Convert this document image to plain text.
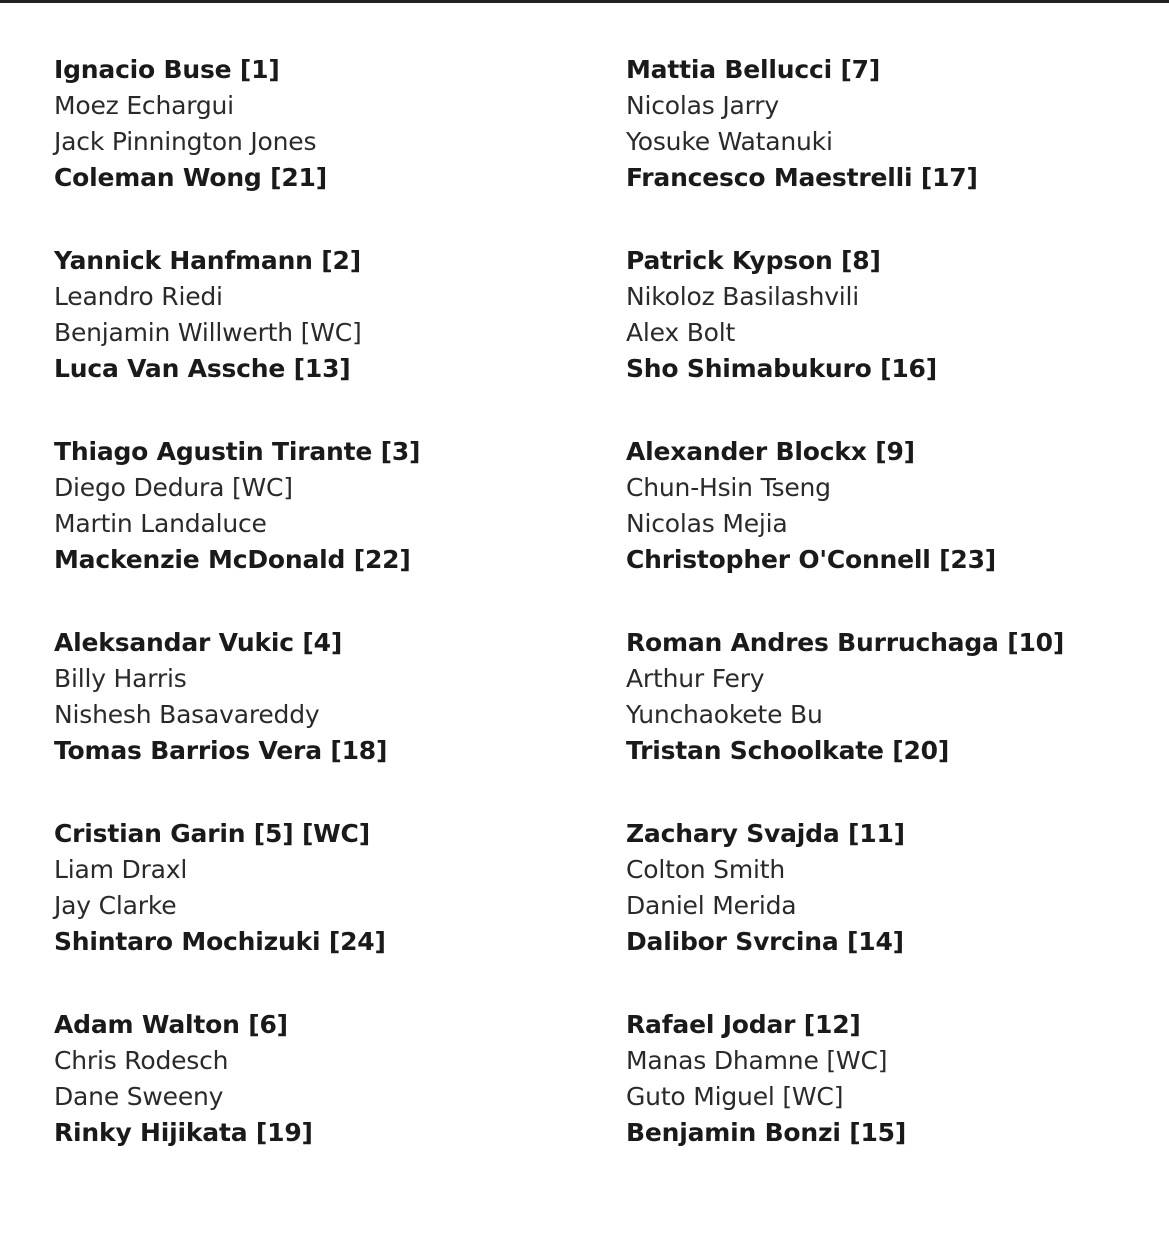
Ignacio Buse [1]
Moez Echargui
Jack Pinnington Jones
Coleman Wong [21]
Yannick Hanfmann [2]
Leandro Riedi
Benjamin Willwerth [WC]
Luca Van Assche [13]
Thiago Agustin Tirante [3]
Diego Dedura [WC]
Martin Landaluce
Mackenzie McDonald [22]
Aleksandar Vukic [4]
Billy Harris
Nishesh Basavareddy
Tomas Barrios Vera [18]
Cristian Garin [5] [WC]
Liam Draxl
Jay Clarke
Shintaro Mochizuki [24]
Adam Walton [6]
Chris Rodesch
Dane Sweeny
Rinky Hijikata [19]
Mattia Bellucci [7]
Nicolas Jarry
Yosuke Watanuki
Francesco Maestrelli [17]
Patrick Kypson [8]
Nikoloz Basilashvili
Alex Bolt
Sho Shimabukuro [16]
Alexander Blockx [9]
Chun-Hsin Tseng
Nicolas Mejia
Christopher O'Connell [23]
Roman Andres Burruchaga [10]
Arthur Fery
Yunchaokete Bu
Tristan Schoolkate [20]
Zachary Svajda [11]
Colton Smith
Daniel Merida
Dalibor Svrcina [14]
Rafael Jodar [12]
Manas Dhamne [WC]
Guto Miguel [WC]
Benjamin Bonzi [15]
